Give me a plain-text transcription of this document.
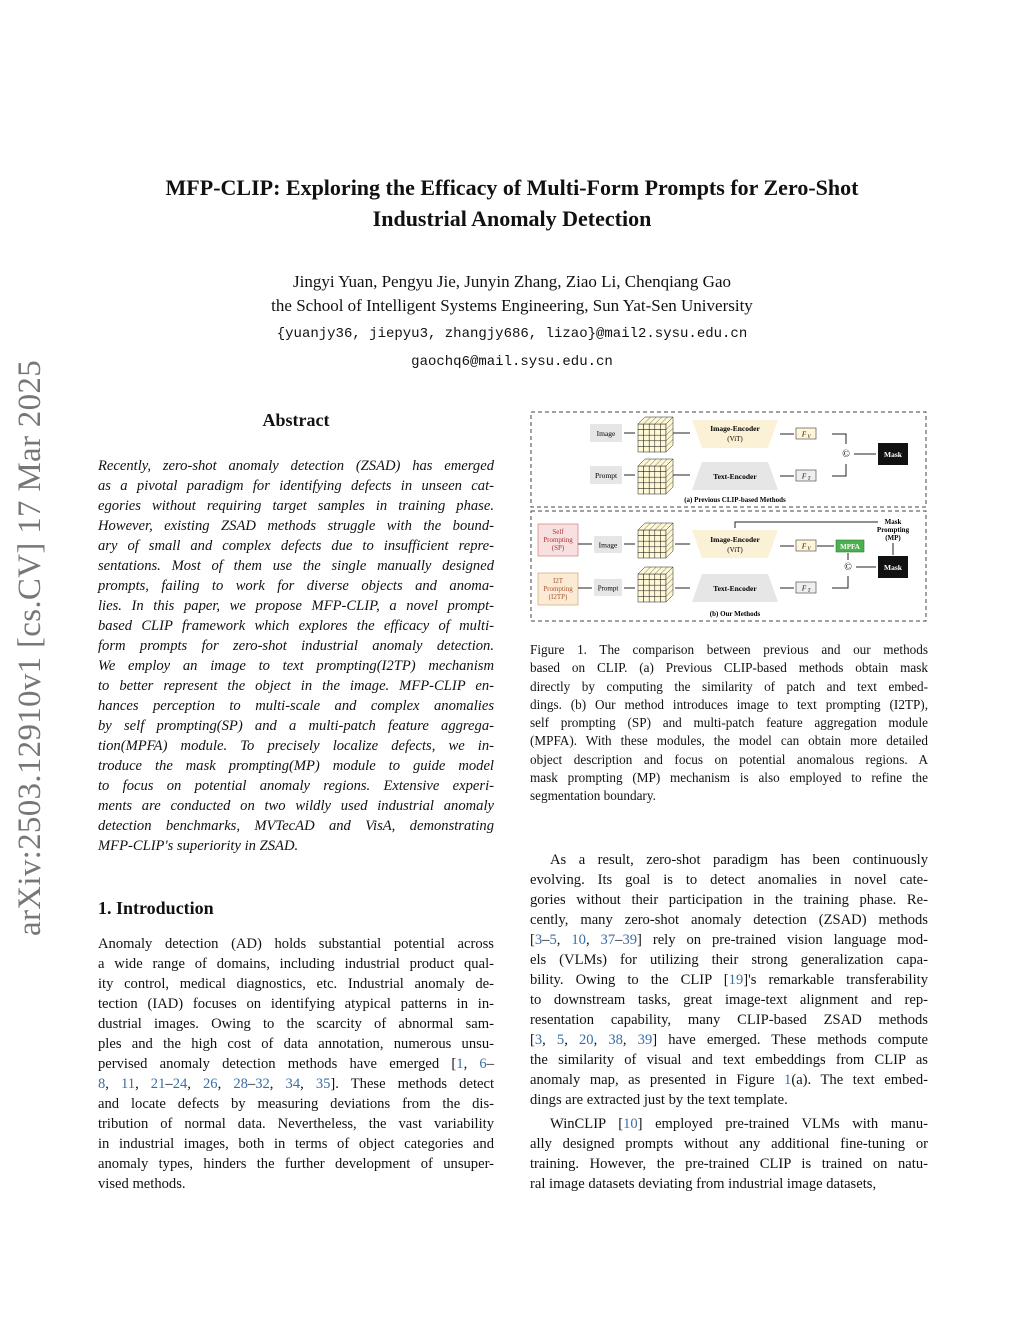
arXiv:2503.12910v1 [cs.CV] 17 Mar 2025
MFP-CLIP: Exploring the Efficacy of Multi-Form Prompts for Zero-Shot
Industrial Anomaly Detection
Jingyi Yuan, Pengyu Jie, Junyin Zhang, Ziao Li, Chenqiang Gao
the School of Intelligent Systems Engineering, Sun Yat-Sen University
{yuanjy36, jiepyu3, zhangjy686, lizao}@mail2.sysu.edu.cn
gaochq6@mail.sysu.edu.cn
Abstract
Recently, zero-shot anomaly detection (ZSAD) has emerged
as a pivotal paradigm for identifying defects in unseen cat-
egories without requiring target samples in training phase.
However, existing ZSAD methods struggle with the bound-
ary of small and complex defects due to insufficient repre-
sentations. Most of them use the single manually designed
prompts, failing to work for diverse objects and anoma-
lies. In this paper, we propose MFP-CLIP, a novel prompt-
based CLIP framework which explores the efficacy of multi-
form prompts for zero-shot industrial anomaly detection.
We employ an image to text prompting(I2TP) mechanism
to better represent the object in the image. MFP-CLIP en-
hances perception to multi-scale and complex anomalies
by self prompting(SP) and a multi-patch feature aggrega-
tion(MPFA) module. To precisely localize defects, we in-
troduce the mask prompting(MP) module to guide model
to focus on potential anomaly regions. Extensive experi-
ments are conducted on two wildly used industrial anomaly
detection benchmarks, MVTecAD and VisA, demonstrating
MFP-CLIP's superiority in ZSAD.
1. Introduction
Anomaly detection (AD) holds substantial potential across
a wide range of domains, including industrial product qual-
ity control, medical diagnostics, etc. Industrial anomaly de-
tection (IAD) focuses on identifying atypical patterns in in-
dustrial images. Owing to the scarcity of abnormal sam-
ples and the high cost of data annotation, numerous unsu-
pervised anomaly detection methods have emerged [1, 6–
8, 11, 21–24, 26, 28–32, 34, 35]. These methods detect
and locate defects by measuring deviations from the dis-
tribution of normal data. Nevertheless, the vast variability
in industrial images, both in terms of object categories and
anomaly types, hinders the further development of unsuper-
vised methods.
Image
Prompt
Image-Encoder
(ViT)
Text-Encoder
F V
F T
©	Mask
(a) Previous CLIP-based Methods
Self
Prompting
(SP)
I2T
Prompting
(I2TP)
Image
Prompt
Image-Encoder
(ViT)
Text-Encoder
F V	MPFA
F T
©	Mask
Mask
Prompting
(MP)
(b) Our Methods
Figure 1. The comparison between previous and our methods
based on CLIP. (a) Previous CLIP-based methods obtain mask
directly by computing the similarity of patch and text embed-
dings. (b) Our method introduces image to text prompting (I2TP),
self prompting (SP) and multi-patch feature aggregation module
(MPFA). With these modules, the model can obtain more detailed
object description and focus on potential anomalous regions. A
mask prompting (MP) mechanism is also employed to refine the
segmentation boundary.
As a result, zero-shot paradigm has been continuously
evolving. Its goal is to detect anomalies in novel cate-
gories without their participation in the training phase. Re-
cently, many zero-shot anomaly detection (ZSAD) methods
[3–5, 10, 37–39] rely on pre-trained vision language mod-
els (VLMs) for utilizing their strong generalization capa-
bility. Owing to the CLIP [19]'s remarkable transferability
to downstream tasks, great image-text alignment and rep-
resentation capability, many CLIP-based ZSAD methods
[3, 5, 20, 38, 39] have emerged. These methods compute
the similarity of visual and text embeddings from CLIP as
anomaly map, as presented in Figure 1(a). The text embed-
dings are extracted just by the text template.
WinCLIP [10] employed pre-trained VLMs with manu-
ally designed prompts without any additional fine-tuning or
training. However, the pre-trained CLIP is trained on natu-
ral image datasets deviating from industrial image datasets,
